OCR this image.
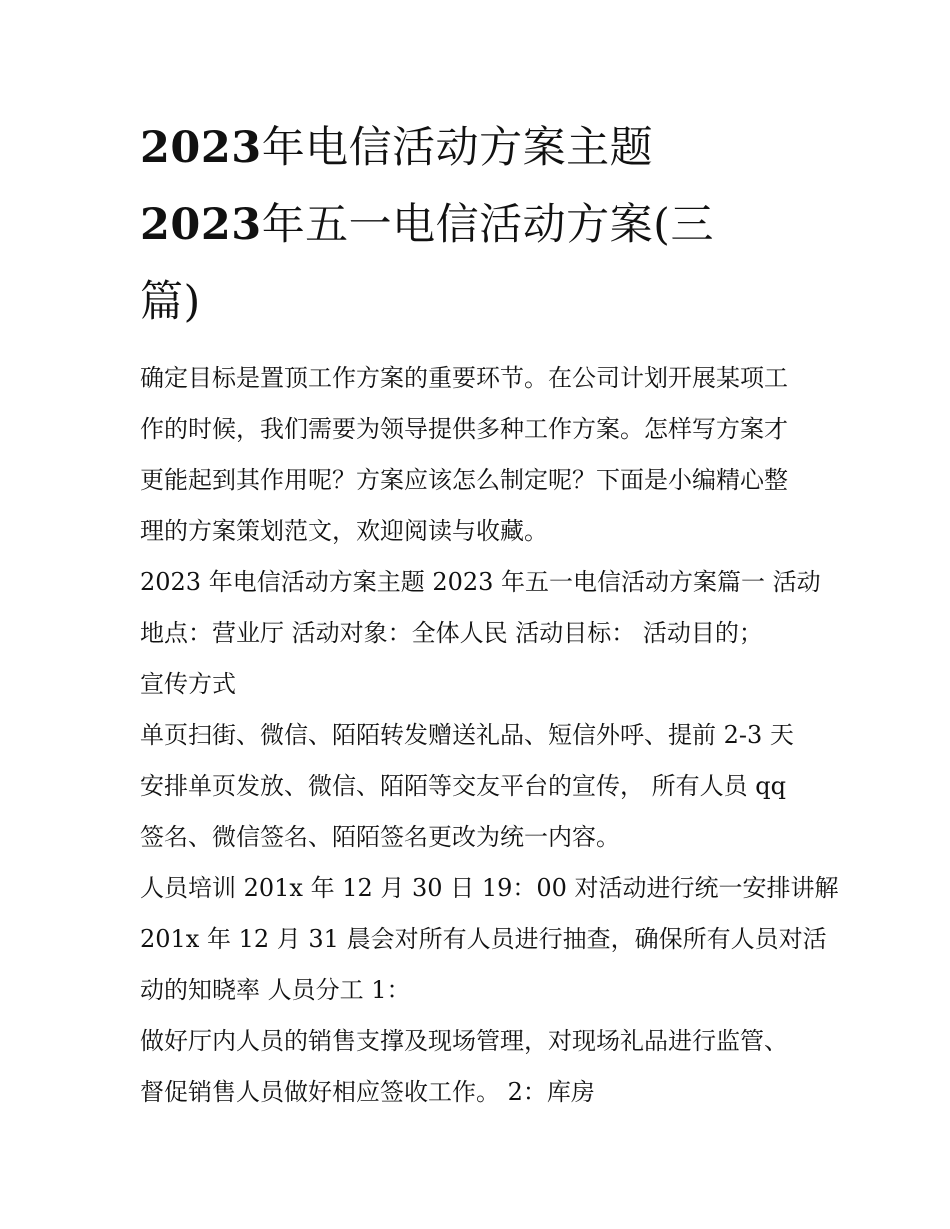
2023年电信活动方案主题
2023年五一电信活动方案(三
篇)

确定目标是置顶工作方案的重要环节。在公司计划开展某项工
作的时候，我们需要为领导提供多种工作方案。怎样写方案才
更能起到其作用呢？方案应该怎么制定呢？下面是小编精心整
理的方案策划范文，欢迎阅读与收藏。

2023 年电信活动方案主题 2023 年五一电信活动方案篇一 活动
地点：营业厅 活动对象：全体人民 活动目标： 活动目的；
宣传方式

单页扫街、微信、陌陌转发赠送礼品、短信外呼、提前 2-3 天
安排单页发放、微信、陌陌等交友平台的宣传， 所有人员 qq
签名、微信签名、陌陌签名更改为统一内容。

人员培训 201x 年 12 月 30 日 19：00 对活动进行统一安排讲解
201x 年 12 月 31 晨会对所有人员进行抽查，确保所有人员对活
动的知晓率 人员分工 1：

做好厅内人员的销售支撑及现场管理，对现场礼品进行监管、
督促销售人员做好相应签收工作。 2：库房
